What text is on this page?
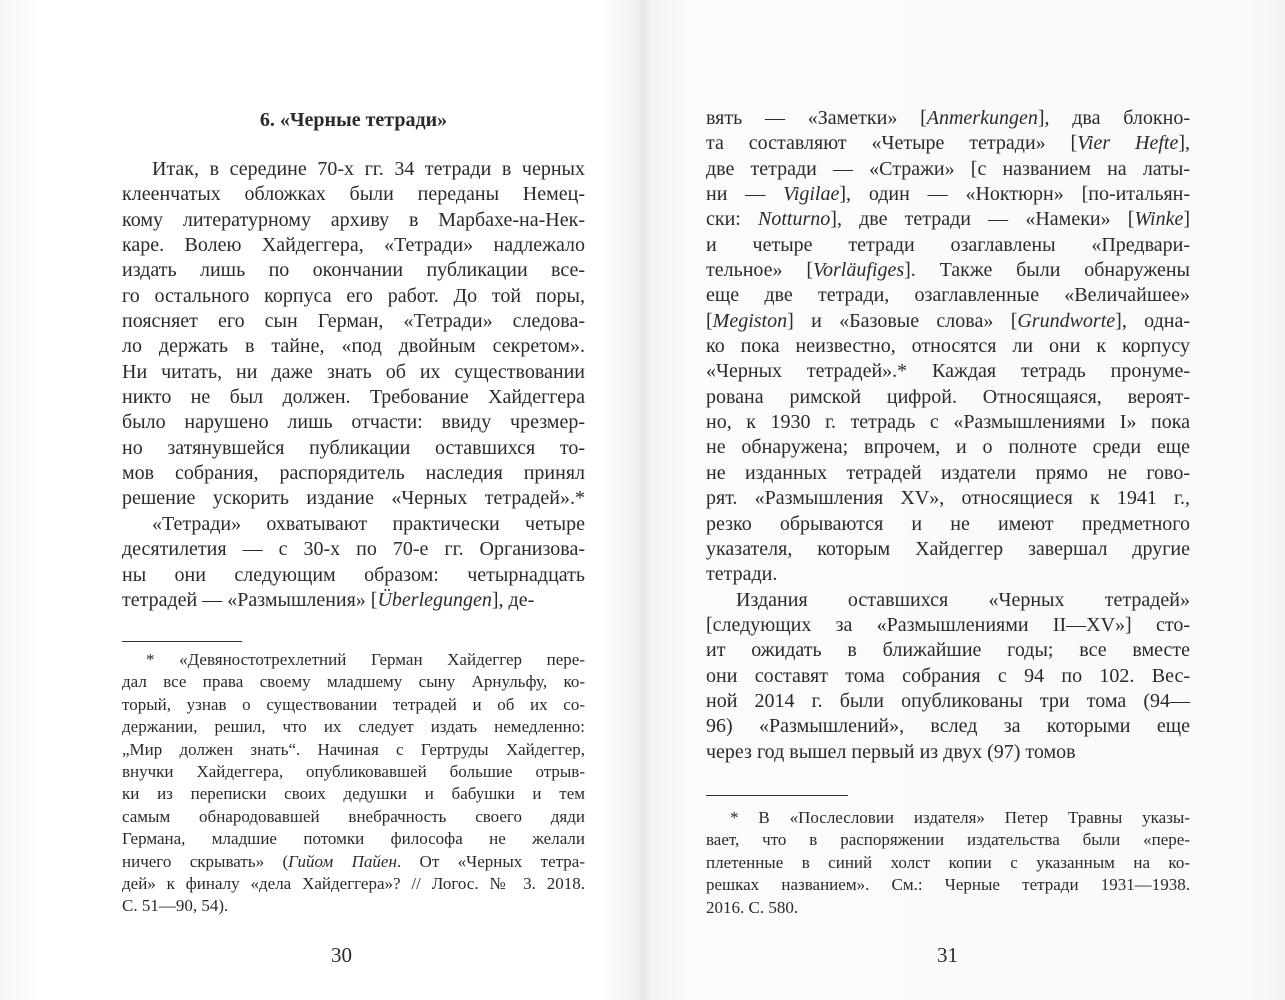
6. «Черные тетради»
Итак, в середине 70-х гг. 34 тетради в черных
клеенчатых обложках были переданы Немец-
кому литературному архиву в Марбахе-на-Нек-
каре. Волею Хайдеггера, «Тетради» надлежало
издать лишь по окончании публикации все-
го остального корпуса его работ. До той поры,
поясняет его сын Герман, «Тетради» следова-
ло держать в тайне, «под двойным секретом».
Ни читать, ни даже знать об их существовании
никто не был должен. Требование Хайдеггера
было нарушено лишь отчасти: ввиду чрезмер-
но затянувшейся публикации оставшихся то-
мов собрания, распорядитель наследия принял
решение ускорить издание «Черных тетрадей».*
«Тетради» охватывают практически четыре
десятилетия — с 30-х по 70-е гг. Организова-
ны они следующим образом: четырнадцать
тетрадей — «Размышления» [Überlegungen], де-
* «Девяностотрехлетний Герман Хайдеггер пере-
дал все права своему младшему сыну Арнульфу, ко-
торый, узнав о существовании тетрадей и об их со-
держании, решил, что их следует издать немедленно:
„Мир должен знать“. Начиная с Гертруды Хайдеггер,
внучки Хайдеггера, опубликовавшей большие отрыв-
ки из переписки своих дедушки и бабушки и тем
самым обнародовавшей внебрачность своего дяди
Германа, младшие потомки философа не желали
ничего скрывать» (Гийом Пайен. От «Черных тетра-
дей» к финалу «дела Хайдеггера»? // Логос. № 3. 2018.
С. 51—90, 54).
30
вять — «Заметки» [Anmerkungen], два блокно-
та составляют «Четыре тетради» [Vier Hefte],
две тетради — «Стражи» [с названием на латы-
ни — Vigilae], один — «Ноктюрн» [по-итальян-
ски: Notturno], две тетради — «Намеки» [Winke]
и четыре тетради озаглавлены «Предвари-
тельное» [Vorläufiges]. Также были обнаружены
еще две тетради, озаглавленные «Величайшее»
[Megiston] и «Базовые слова» [Grundworte], одна-
ко пока неизвестно, относятся ли они к корпусу
«Черных тетрадей».* Каждая тетрадь пронуме-
рована римской цифрой. Относящаяся, вероят-
но, к 1930 г. тетрадь с «Размышлениями I» пока
не обнаружена; впрочем, и о полноте среди еще
не изданных тетрадей издатели прямо не гово-
рят. «Размышления XV», относящиеся к 1941 г.,
резко обрываются и не имеют предметного
указателя, которым Хайдеггер завершал другие
тетради.
Издания оставшихся «Черных тетрадей»
[следующих за «Размышлениями II—XV»] сто-
ит ожидать в ближайшие годы; все вместе
они составят тома собрания с 94 по 102. Вес-
ной 2014 г. были опубликованы три тома (94—
96) «Размышлений», вслед за которыми еще
через год вышел первый из двух (97) томов
* В «Послесловии издателя» Петер Травны указы-
вает, что в распоряжении издательства были «пере-
плетенные в синий холст копии с указанным на ко-
решках названием». См.: Черные тетради 1931—1938.
2016. С. 580.
31
